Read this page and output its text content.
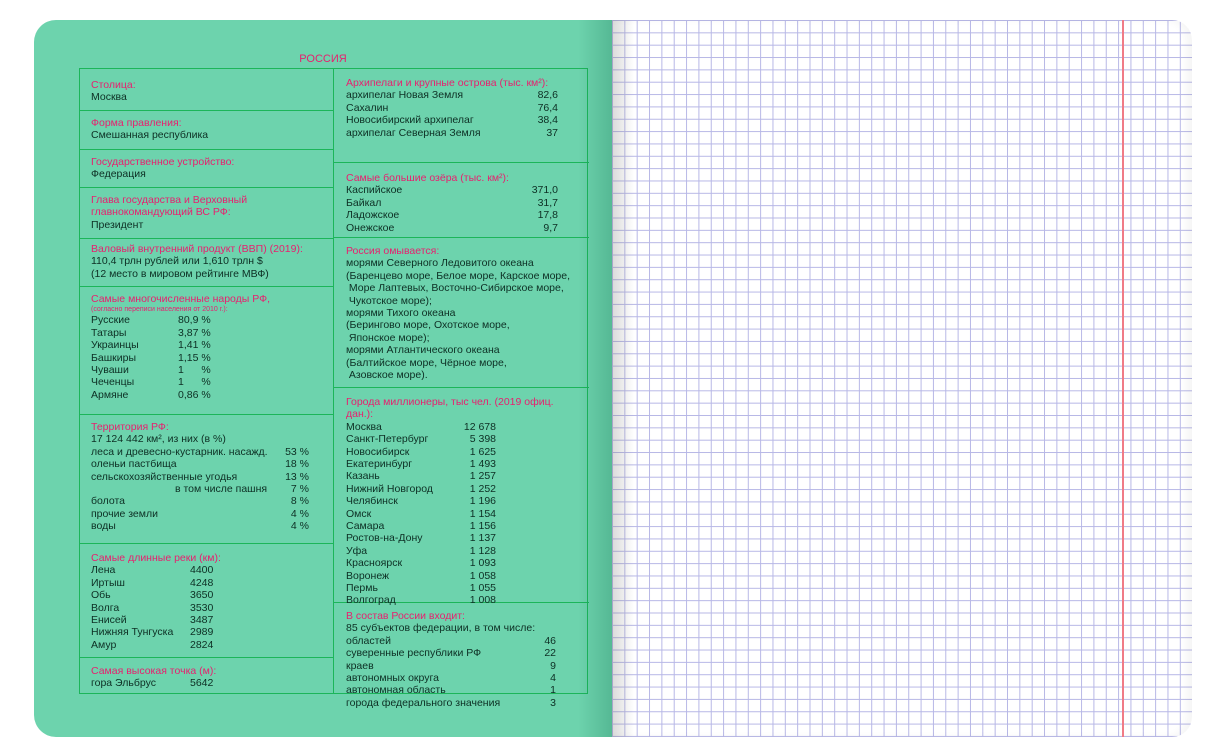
РОССИЯ
Столица:
Москва
Форма правления:
Смешанная республика
Государственное устройство:
Федерация
Глава государства и Верховный
главнокомандующий ВС РФ:
Президент
Валовый внутренний продукт (ВВП) (2019):
110,4 трлн рублей или 1,610 трлн $
(12 место в мировом рейтинге МВФ)
Самые многочисленные народы РФ,
(согласно переписи населения от 2010 г.):
Русские	80,9 %
Татары	3,87 %
Украинцы	1,41 %
Башкиры	1,15 %
Чуваши	1      %
Чеченцы	1      %
Армяне	0,86 %
Территория РФ:
17 124 442 км², из них (в %)
леса и древесно-кустарник. насажд. 53 %
оленьи пастбища	18 %
сельскохозяйственные угодья	13 %
в том числе пашня 7 %
болота	8 %
прочие земли	4 %
воды	4 %
Самые длинные реки (км):
Лена	4400
Иртыш	4248
Обь	3650
Волга	3530
Енисей	3487
Нижняя Тунгуска 2989
Амур	2824
Самая высокая точка (м):
гора Эльбрус	5642
Архипелаги и крупные острова (тыс. км²):
архипелаг Новая Земля	82,6
Сахалин	76,4
Новосибирский архипелаг	38,4
архипелаг Северная Земля	37
Самые большие озёра (тыс. км²):
Каспийское	371,0
Байкал	31,7
Ладожское	17,8
Онежское	9,7
Россия омывается:
морями Северного Ледовитого океана
(Баренцево море, Белое море, Карское море,
Море Лаптевых, Восточно-Сибирское море,
Чукотское море);
морями Тихого океана
(Берингово море, Охотское море,
Японское море);
морями Атлантического океана
(Балтийское море, Чёрное море,
Азовское море).
Города миллионеры, тыс чел. (2019 офиц. дан.):
Москва	12 678
Санкт-Петербург	5 398
Новосибирск	1 625
Екатеринбург	1 493
Казань	1 257
Нижний Новгород	1 252
Челябинск	1 196
Омск	1 154
Самара	1 156
Ростов-на-Дону	1 137
Уфа	1 128
Красноярск	1 093
Воронеж	1 058
Пермь	1 055
Волгоград	1 008
В состав России входит:
85 субъектов федерации, в том числе:
областей	46
суверенные республики РФ	22
краев	9
автономных округа	4
автономная область	1
города федерального значения	3
